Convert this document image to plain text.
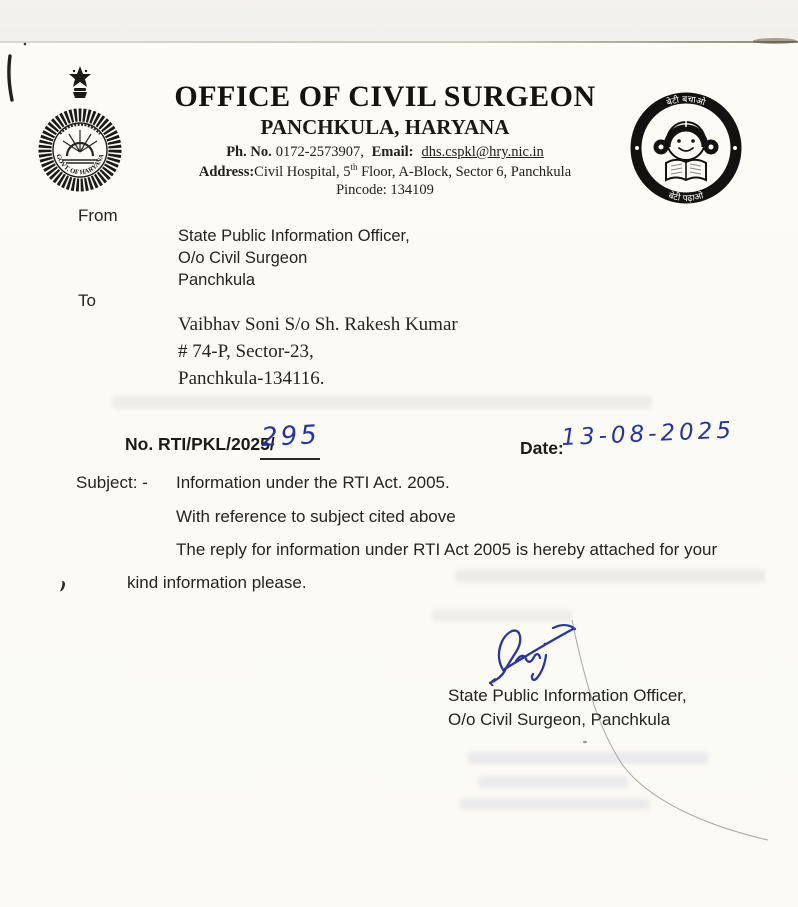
GOVT. OF HARYANA
OFFICE OF CIVIL SURGEON
PANCHKULA, HARYANA
Ph. No. 0172-2573907, Email: dhs.cspkl@hry.nic.in
Address:Civil Hospital, 5th Floor, A-Block, Sector 6, Panchkula
Pincode: 134109
बेटी बचाओ
बेटी पढ़ाओ
From
State Public Information Officer,
O/o Civil Surgeon
Panchkula
To
Vaibhav Soni S/o Sh. Rakesh Kumar
# 74-P, Sector-23,
Panchkula-134116.
No. RTI/PKL/2025/
295	Date:
13-08-2025
Subject: - Information under the RTI Act. 2005.
With reference to subject cited above
The reply for information under RTI Act 2005 is hereby attached for your
kind information please.
State Public Information Officer,
O/o Civil Surgeon, Panchkula
